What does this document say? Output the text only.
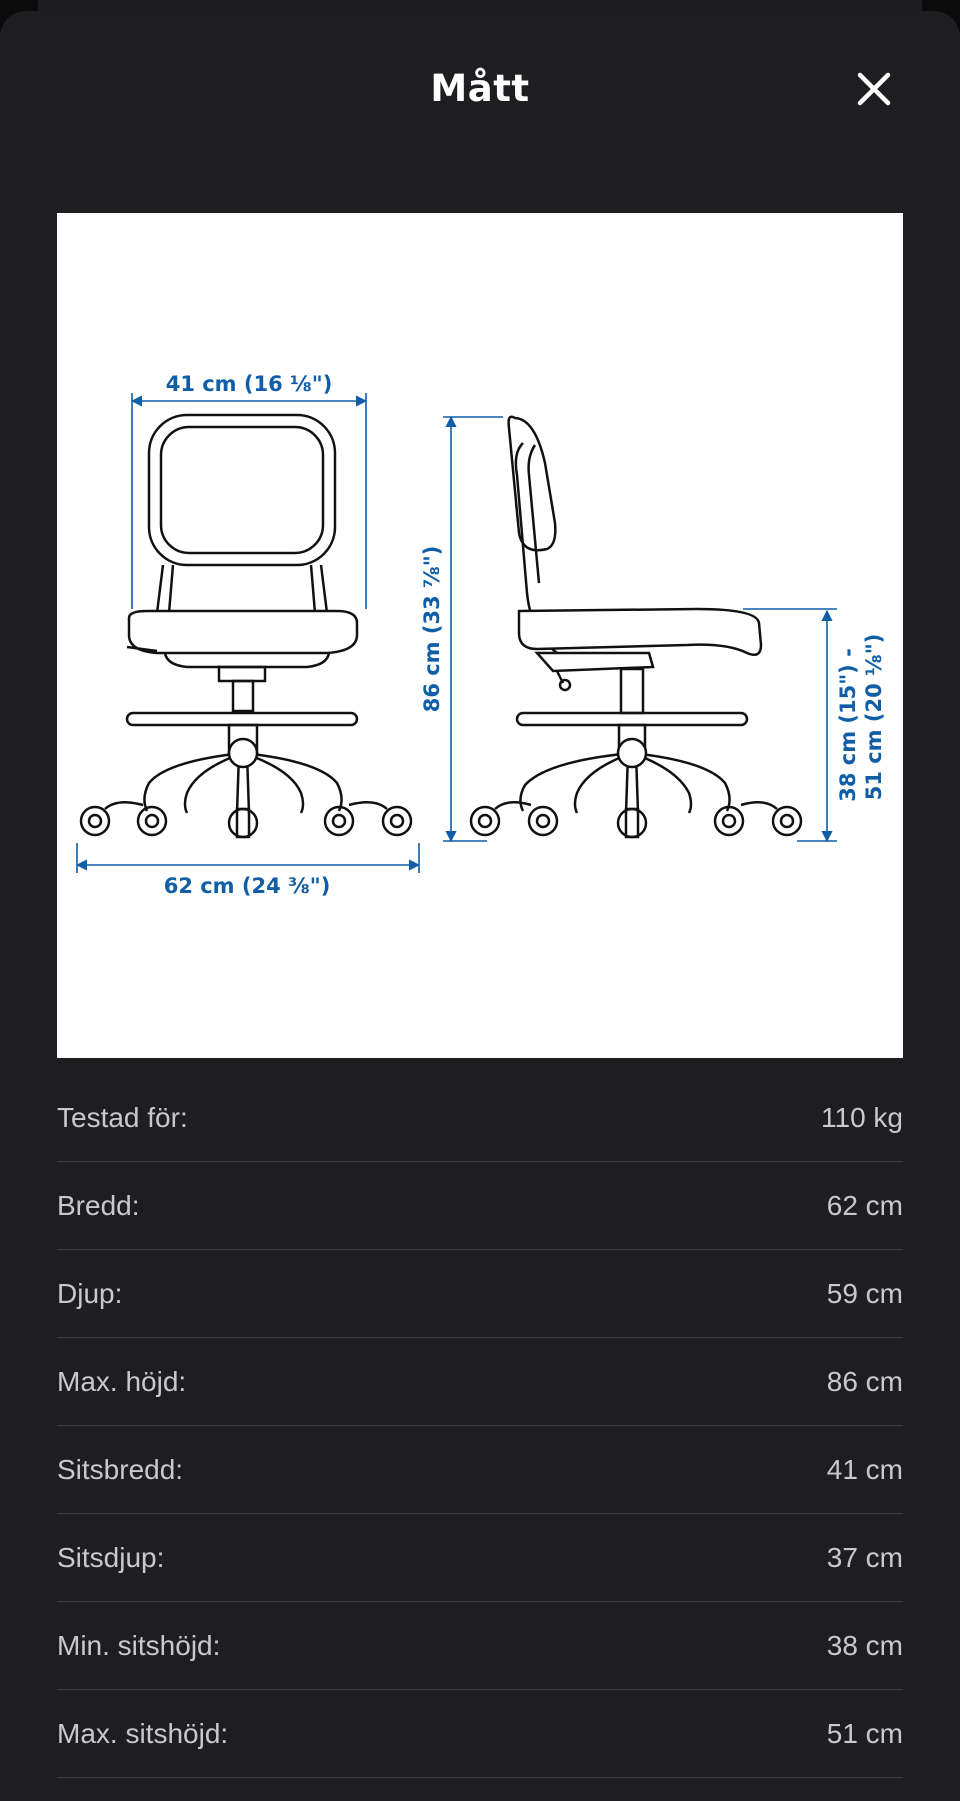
Mått
41 cm (16 ⅛")
62 cm (24 ⅜")
86 cm (33 ⅞")
38 cm (15") - 51 cm (20 ⅛")
Testad för:	110 kg
Bredd:	62 cm
Djup:	59 cm
Max. höjd:	86 cm
Sitsbredd:	41 cm
Sitsdjup:	37 cm
Min. sitshöjd:	38 cm
Max. sitshöjd:	51 cm
